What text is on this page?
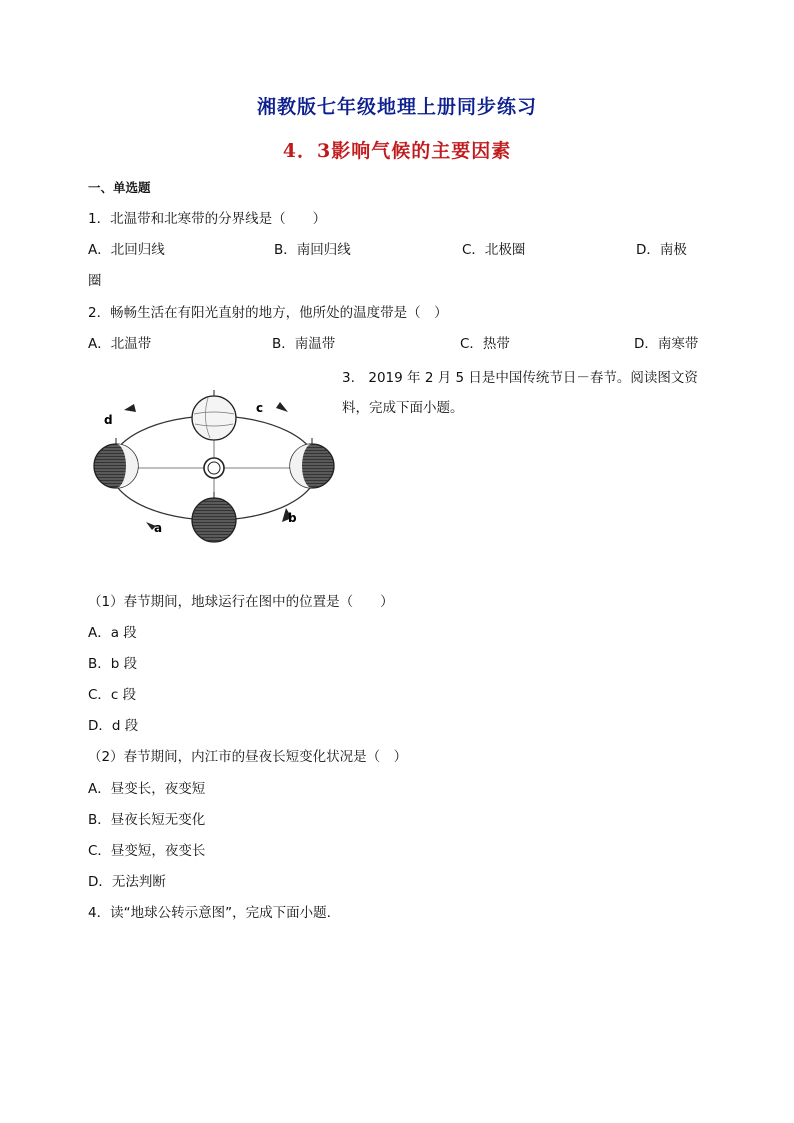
湘教版七年级地理上册同步练习
4．3影响气候的主要因素
一、单选题
1．北温带和北寒带的分界线是（　　）
A．北回归线	B．南回归线	C．北极圈	D．南极
圈
2．畅畅生活在有阳光直射的地方，他所处的温度带是（　）
A．北温带	B．南温带	C．热带	D．南寒带
3.　2019 年 2 月 5 日是中国传统节日－春节。阅读图文资
料，完成下面小题。
d
c
a
b
（1）春节期间，地球运行在图中的位置是（　　）
A．a 段
B．b 段
C．c 段
D．d 段
（2）春节期间，内江市的昼夜长短变化状况是（　）
A．昼变长，夜变短
B．昼夜长短无变化
C．昼变短，夜变长
D．无法判断
4．读“地球公转示意图”，完成下面小题.
